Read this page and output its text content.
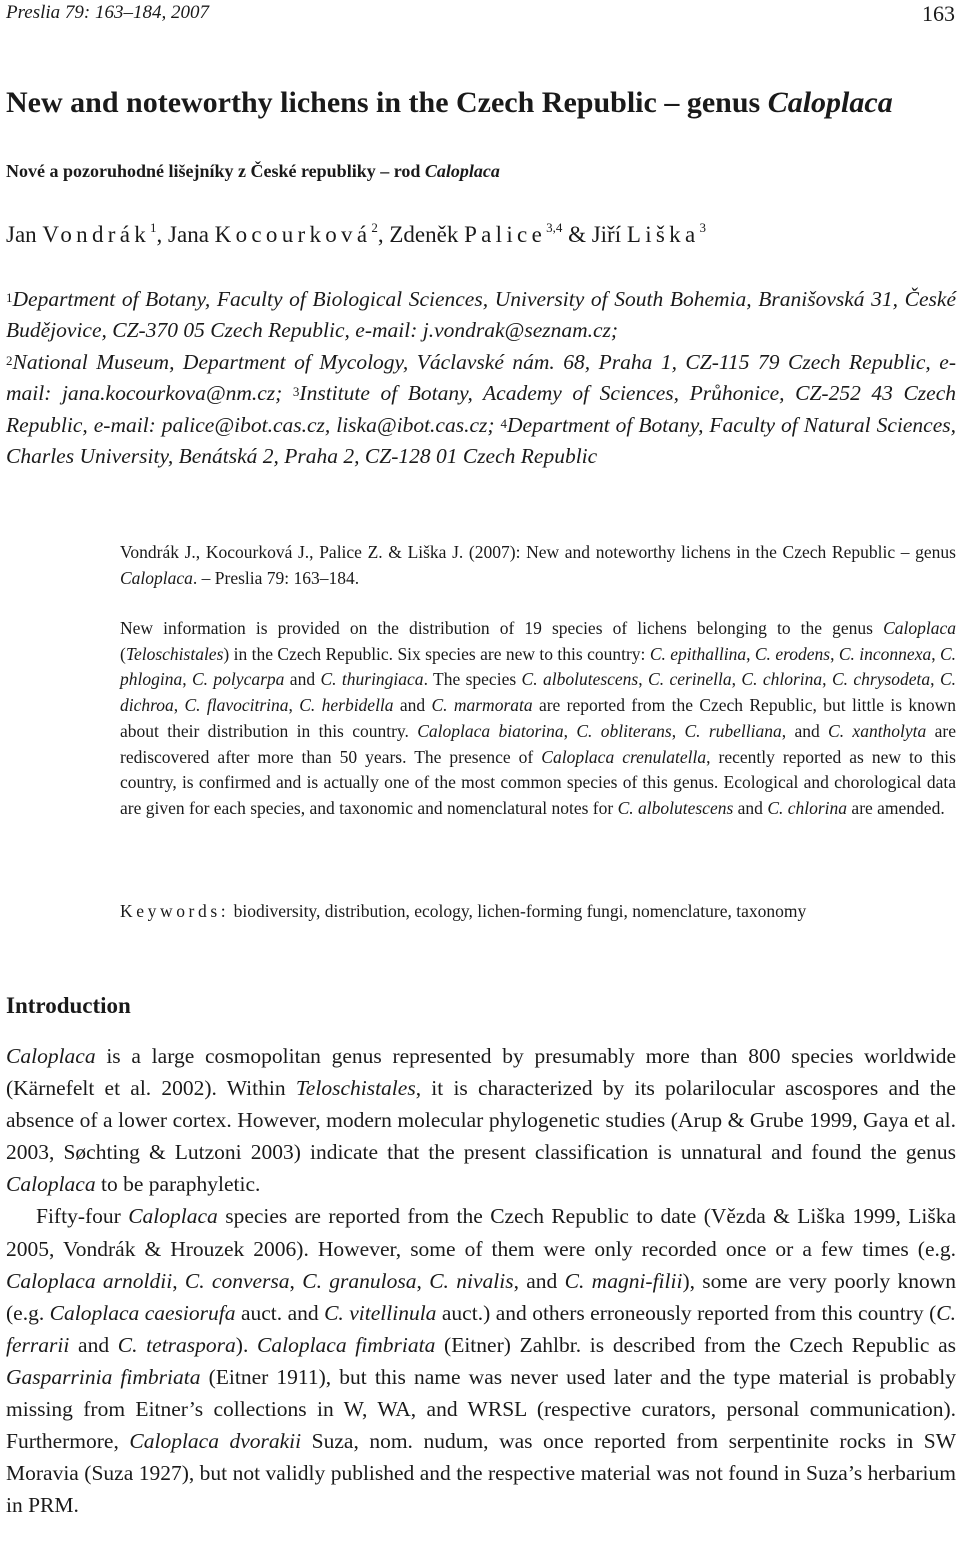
Preslia 79: 163–184, 2007	163
New and noteworthy lichens in the Czech Republic – genus Caloplaca
Nové a pozoruhodné lišejníky z České republiky – rod Caloplaca
Jan Vondrák$^1$, Jana Kocourková$^2$, Zdeněk Palice$^{3,4}$ & Jiří Liška$^3$
$^1$Department of Botany, Faculty of Biological Sciences, University of South Bohemia, Branišovská 31, České Budějovice, CZ-370 05 Czech Republic, e-mail: j.vondrak@seznam.cz;
$^2$National Museum, Department of Mycology, Václavské nám. 68, Praha 1, CZ-115 79 Czech Republic, e-mail: jana.kocourkova@nm.cz; $^3$Institute of Botany, Academy of Sciences, Průhonice, CZ-252 43 Czech Republic, e-mail: palice@ibot.cas.cz, liska@ibot.cas.cz; $^4$Department of Botany, Faculty of Natural Sciences, Charles University, Benátská 2, Praha 2, CZ-128 01 Czech Republic
Vondrák J., Kocourková J., Palice Z. & Liška J. (2007): New and noteworthy lichens in the Czech Republic – genus Caloplaca. – Preslia 79: 163–184.
New information is provided on the distribution of 19 species of lichens belonging to the genus Caloplaca (Teloschistales) in the Czech Republic. Six species are new to this country: C. epithallina, C. erodens, C. inconnexa, C. phlogina, C. polycarpa and C. thuringiaca. The species C. albolutescens, C. cerinella, C. chlorina, C. chrysodeta, C. dichroa, C. flavocitrina, C. herbidella and C. marmorata are reported from the Czech Republic, but little is known about their distribution in this country. Caloplaca biatorina, C. obliterans, C. rubelliana, and C. xantholyta are rediscovered after more than 50 years. The presence of Caloplaca crenulatella, recently reported as new to this country, is confirmed and is actually one of the most common species of this genus. Ecological and chorological data are given for each species, and taxonomic and nomenclatural notes for C. albolutescens and C. chlorina are amended.
Keywords: biodiversity, distribution, ecology, lichen-forming fungi, nomenclature, taxonomy
Introduction

Caloplaca is a large cosmopolitan genus represented by presumably more than 800 species worldwide (Kärnefelt et al. 2002). Within Teloschistales, it is characterized by its polarilocular ascospores and the absence of a lower cortex. However, modern molecular phylogenetic studies (Arup & Grube 1999, Gaya et al. 2003, Søchting & Lutzoni 2003) indicate that the present classification is unnatural and found the genus Caloplaca to be paraphyletic.

Fifty-four Caloplaca species are reported from the Czech Republic to date (Vězda & Liška 1999, Liška 2005, Vondrák & Hrouzek 2006). However, some of them were only recorded once or a few times (e.g. Caloplaca arnoldii, C. conversa, C. granulosa, C. nivalis, and C. magni-filii), some are very poorly known (e.g. Caloplaca caesiorufa auct. and C. vitellinula auct.) and others erroneously reported from this country (C. ferrarii and C. tetraspora). Caloplaca fimbriata (Eitner) Zahlbr. is described from the Czech Republic as Gasparrinia fimbriata (Eitner 1911), but this name was never used later and the type material is probably missing from Eitner’s collections in W, WA, and WRSL (respective curators, personal communication). Furthermore, Caloplaca dvorakii Suza, nom. nudum, was once reported from serpentinite rocks in SW Moravia (Suza 1927), but not validly published and the respective material was not found in Suza’s herbarium in PRM.
